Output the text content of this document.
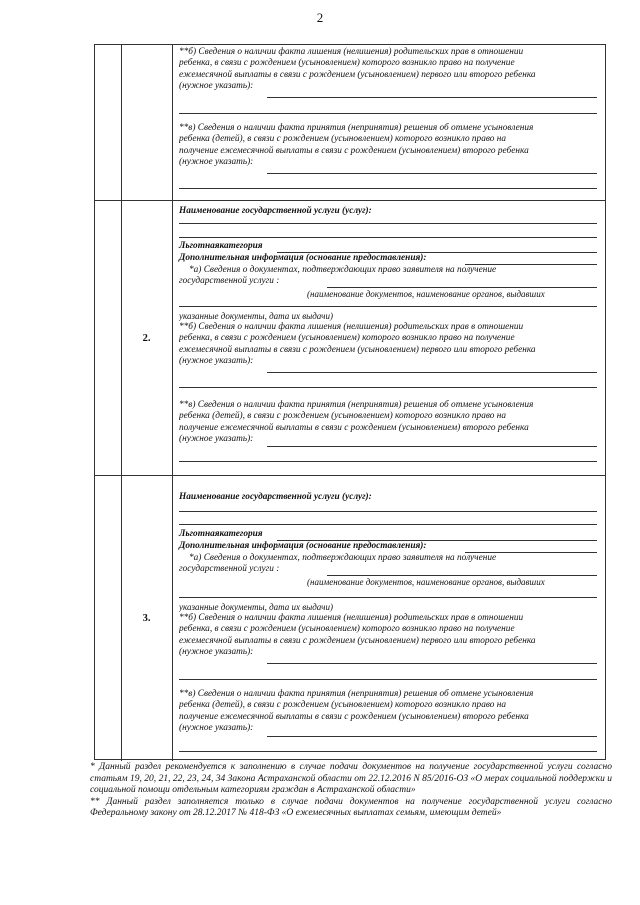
2
**б) Сведения о наличии факта лишения (нелишения) родительских прав в отношении
ребенка, в связи с рождением (усыновлением) которого возникло право на получение
ежемесячной выплаты в связи с рождением (усыновлением) первого или второго ребенка
(нужное указать):
**в) Сведения о наличии факта принятия (непринятия) решения об отмене усыновления
ребенка (детей), в связи с рождением (усыновлением) которого возникло право на
получение ежемесячной выплаты в связи с рождением (усыновлением) второго ребенка
(нужное указать):
2.
Наименование государственной услуги (услуг):
Льготнаякатегория
Дополнительная информация (основание предоставления):
*а) Сведения о документах, подтверждающих право заявителя на получение
государственной услуги :
(наименование документов, наименование органов, выдавших
указанные документы, дата их выдачи)
**б) Сведения о наличии факта лишения (нелишения) родительских прав в отношении
ребенка, в связи с рождением (усыновлением) которого возникло право на получение
ежемесячной выплаты в связи с рождением (усыновлением) первого или второго ребенка
(нужное указать):
**в) Сведения о наличии факта принятия (непринятия) решения об отмене усыновления
ребенка (детей), в связи с рождением (усыновлением) которого возникло право на
получение ежемесячной выплаты в связи с рождением (усыновлением) второго ребенка
(нужное указать):
3.
Наименование государственной услуги (услуг):
Льготнаякатегория
Дополнительная информация (основание предоставления):
*а) Сведения о документах, подтверждающих право заявителя на получение
государственной услуги :
(наименование документов, наименование органов, выдавших
указанные документы, дата их выдачи)
**б) Сведения о наличии факта лишения (нелишения) родительских прав в отношении
ребенка, в связи с рождением (усыновлением) которого возникло право на получение
ежемесячной выплаты в связи с рождением (усыновлением) первого или второго ребенка
(нужное указать):
**в) Сведения о наличии факта принятия (непринятия) решения об отмене усыновления
ребенка (детей), в связи с рождением (усыновлением) которого возникло право на
получение ежемесячной выплаты в связи с рождением (усыновлением) второго ребенка
(нужное указать):
* Данный раздел рекомендуется к заполнению в случае подачи документов на получение государственной услуги согласно статьям 19, 20, 21, 22, 23, 24, 34 Закона Астраханской области от 22.12.2016 N 85/2016-ОЗ «О мерах социальной поддержки и социальной помощи отдельным категориям граждан в Астраханской области»
** Данный раздел заполняется только в случае подачи документов на получение государственной услуги согласно Федеральному закону от 28.12.2017 № 418-ФЗ «О ежемесячных выплатах семьям, имеющим детей»
